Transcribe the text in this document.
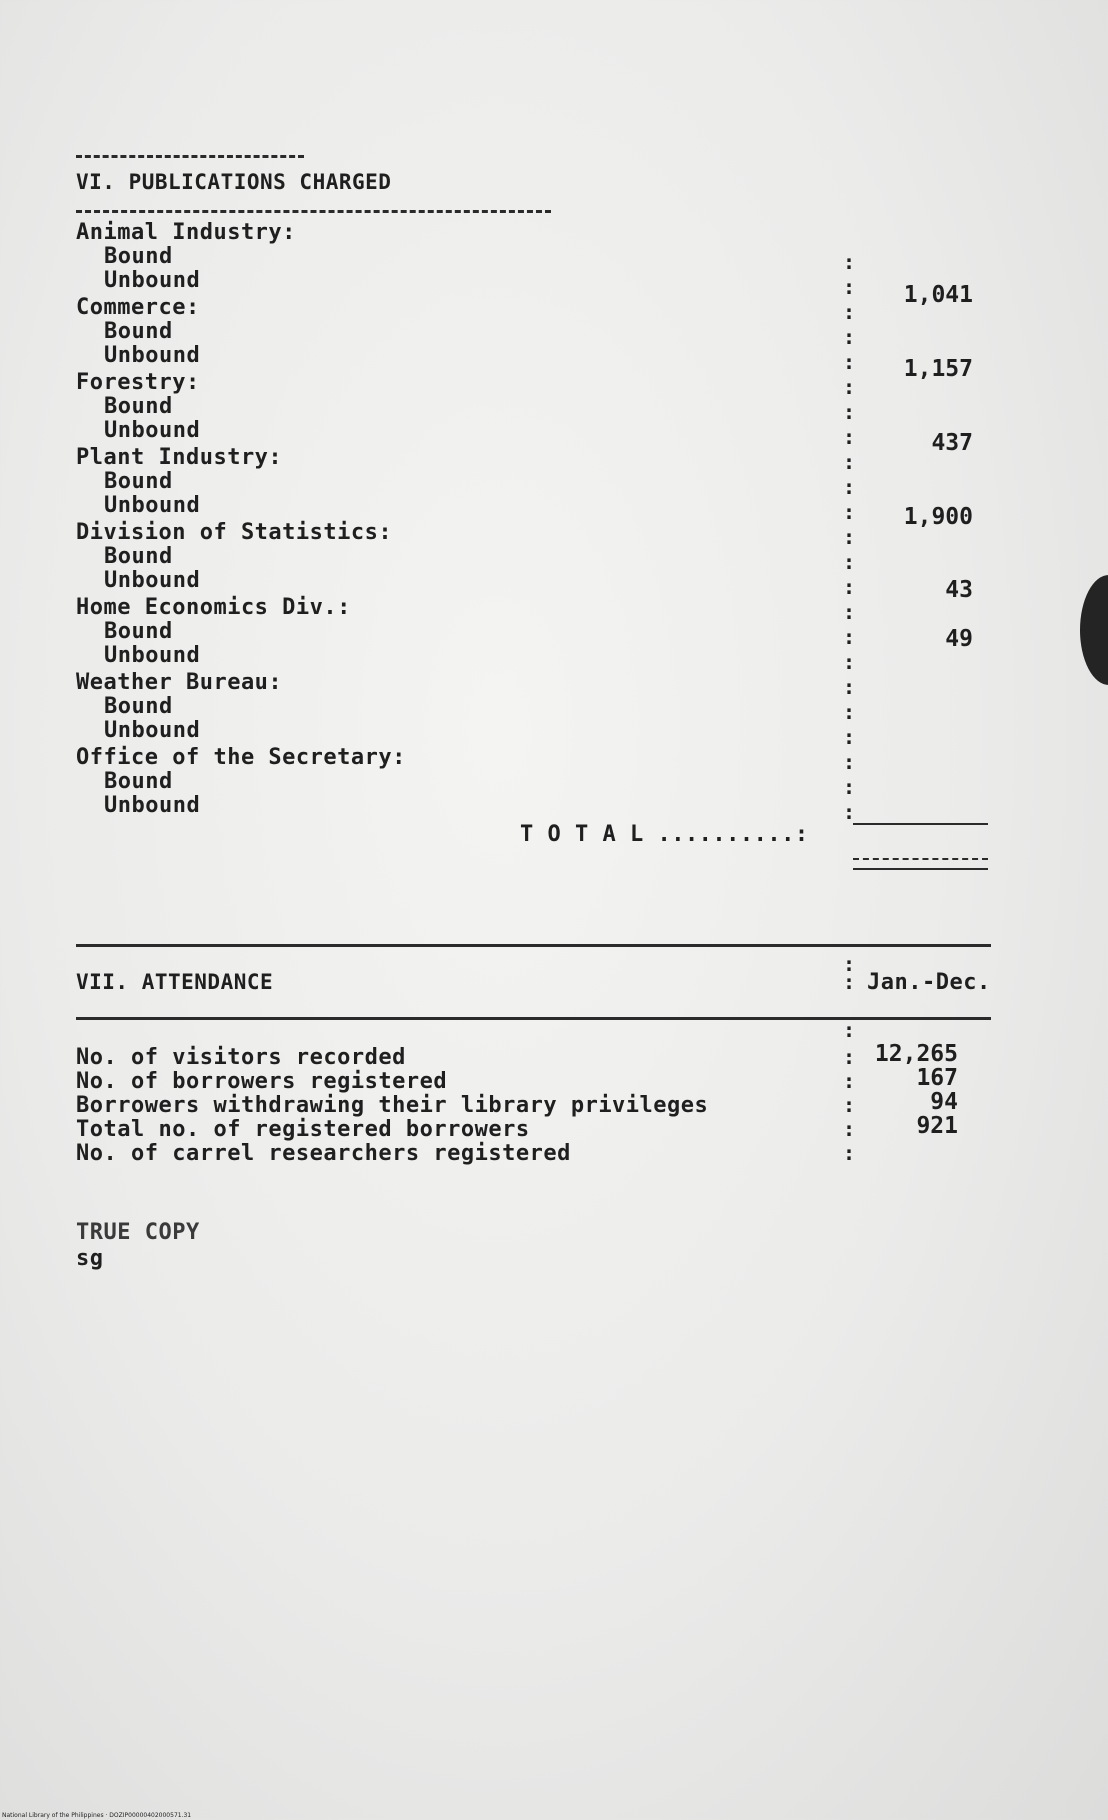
VI. PUBLICATIONS CHARGED
Animal Industry:
Bound
Unbound
Commerce:
Bound
Unbound
Forestry:
Bound
Unbound
Plant Industry:
Bound
Unbound
Division of Statistics:
Bound
Unbound
Home Economics Div.:
Bound
Unbound
Weather Bureau:
Bound
Unbound
Office of the Secretary:
Bound
Unbound
1,041
1,157
437
1,900
43
49
T O T A L ..........:
VII. ATTENDANCE
:
: Jan.-Dec.
:
No. of visitors recorded
No. of borrowers registered
Borrowers withdrawing their library privileges
Total no. of registered borrowers
No. of carrel researchers registered
:
:
:
:
:
12,265
167
94
921
TRUE COPY
sg
National Library of the Philippines · DOZIP00000402000571.31
:
:
:
:
:
:
:
:
:
:
:
:
:
:
:
:
:
:
:
:
:
:
:
